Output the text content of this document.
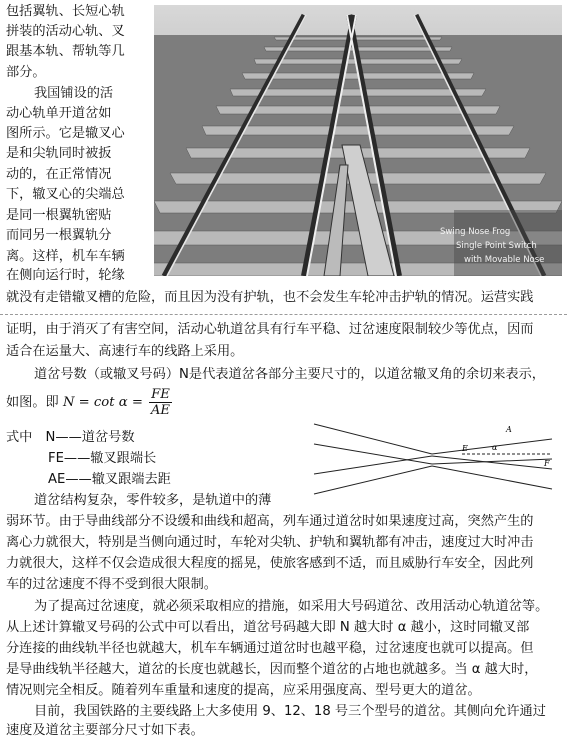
Swing Nose Frog
Single Point Switch
with Movable Nose
包括翼轨、长短心轨
拼装的活动心轨、叉
跟基本轨、帮轨等几
部分。
我国铺设的活
动心轨单开道岔如
图所示。它是辙叉心
是和尖轨同时被扳
动的，在正常情况
下，辙叉心的尖端总
是同一根翼轨密贴
而同另一根翼轨分
离。这样，机车车辆
在侧向运行时，轮缘
就没有走错辙叉槽的危险，而且因为没有护轨，也不会发生车轮冲击护轨的情况。运营实践
证明，由于消灭了有害空间，活动心轨道岔具有行车平稳、过岔速度限制较少等优点，因而
适合在运量大、高速行车的线路上采用。
道岔号数（或辙叉号码）N是代表道岔各部分主要尺寸的，以道岔辙叉角的余切来表示，
如图。即 $N = \cot \alpha = \frac{FE}{AE}$
式中　N——道岔号数
FE——辙叉跟端长
AE——辙叉跟端去距
道岔结构复杂，零件较多，是轨道中的薄
A
α
E
F
弱环节。由于导曲线部分不设缓和曲线和超高，列车通过道岔时如果速度过高，突然产生的
离心力就很大，特别是当侧向通过时，车轮对尖轨、护轨和翼轨都有冲击，速度过大时冲击
力就很大，这样不仅会造成很大程度的摇晃，使旅客感到不适，而且威胁行车安全，因此列
车的过岔速度不得不受到很大限制。
为了提高过岔速度，就必须采取相应的措施，如采用大号码道岔、改用活动心轨道岔等。
从上述计算辙叉号码的公式中可以看出，道岔号码越大即 N 越大时 α 越小，这时同辙叉部
分连接的曲线轨半径也就越大，机车车辆通过道岔时也越平稳，过岔速度也就可以提高。但
是导曲线轨半径越大，道岔的长度也就越长，因而整个道岔的占地也就越多。当 α 越大时，
情况则完全相反。随着列车重量和速度的提高，应采用强度高、型号更大的道岔。
目前，我国铁路的主要线路上大多使用 9、12、18 号三个型号的道岔。其侧向允许通过
速度及道岔主要部分尺寸如下表。
